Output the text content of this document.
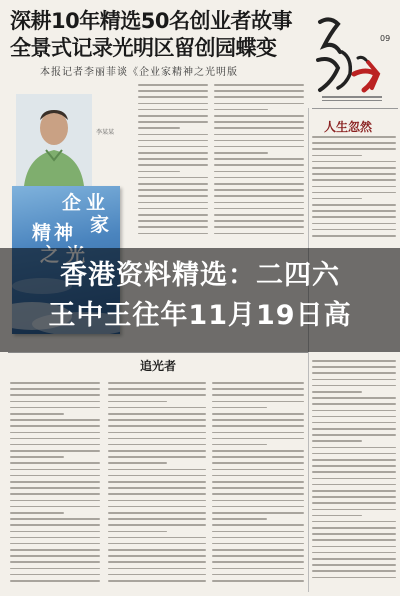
深耕10年精选50名创业者故事
全景式记录光明区留创园蝶变
本报记者李丽菲谈《企业家精神之光明版
09
人生忽然
李某某
企 业
家
精 神
追光者
香港资料精选：二四六
王中王往年11月19日高
